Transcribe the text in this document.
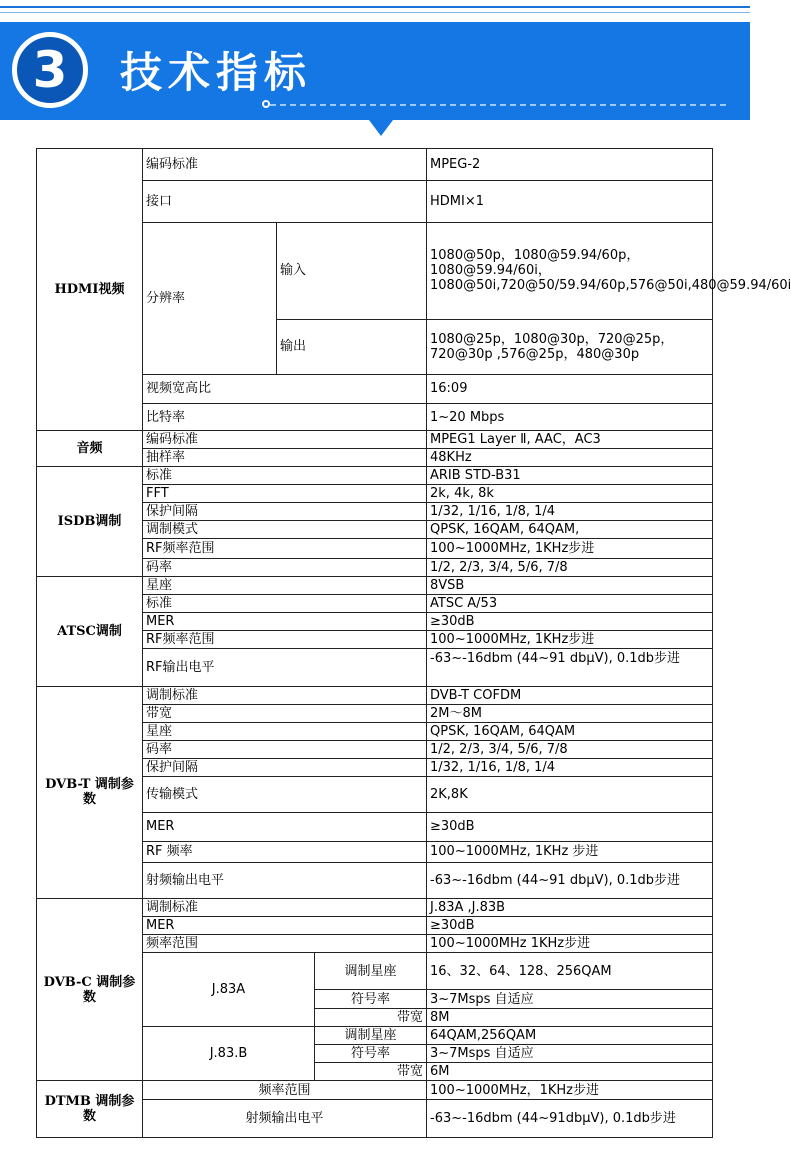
3	技术指标
HDMI视频	编码标准			MPEG-2
	接口			HDMI×1
	分辨率	输入		1080@50p，1080@59.94/60p，1080@59.94/60i，1080@50i,720@50/59.94/60p,576@50i,480@59.94/60i
		输出		1080@25p，1080@30p，720@25p，720@30p ,576@25p，480@30p
	视频宽高比			16:09
	比特率			1~20 Mbps
音频	编码标准			MPEG1 Layer Ⅱ, AAC，AC3
	抽样率			48KHz
ISDB调制	标准			ARIB STD-B31
	FFT			2k, 4k, 8k
	保护间隔			1/32, 1/16, 1/8, 1/4
	调制模式			QPSK, 16QAM, 64QAM,
	RF频率范围			100~1000MHz, 1KHz步进
	码率			1/2, 2/3, 3/4, 5/6, 7/8
ATSC调制	星座			8VSB
	标准			ATSC A/53
	MER			≥30dB
	RF频率范围			100~1000MHz, 1KHz步进
	RF输出电平			-63~-16dbm (44~91 dbμV), 0.1db步进
DVB-T 调制参数	调制标准			DVB-T COFDM
	带宽			2M～8M
	星座			QPSK, 16QAM, 64QAM
	码率			1/2, 2/3, 3/4, 5/6, 7/8
	保护间隔			1/32, 1/16, 1/8, 1/4
	传输模式			2K,8K
	MER			≥30dB
	RF 频率			100~1000MHz, 1KHz 步进
	射频输出电平			-63~-16dbm (44~91 dbμV), 0.1db步进
DVB-C 调制参数	调制标准			J.83A ,J.83B
	MER			≥30dB
	频率范围			100~1000MHz 1KHz步进
	J.83A		调制星座	16、32、64、128、256QAM
			符号率	3~7Msps 自适应
			带宽	8M
	J.83.B		调制星座	64QAM,256QAM
			符号率	3~7Msps 自适应
			带宽	6M
DTMB 调制参数	频率范围			100~1000MHz，1KHz步进
	射频输出电平			-63~-16dbm (44~91dbμV), 0.1db步进
